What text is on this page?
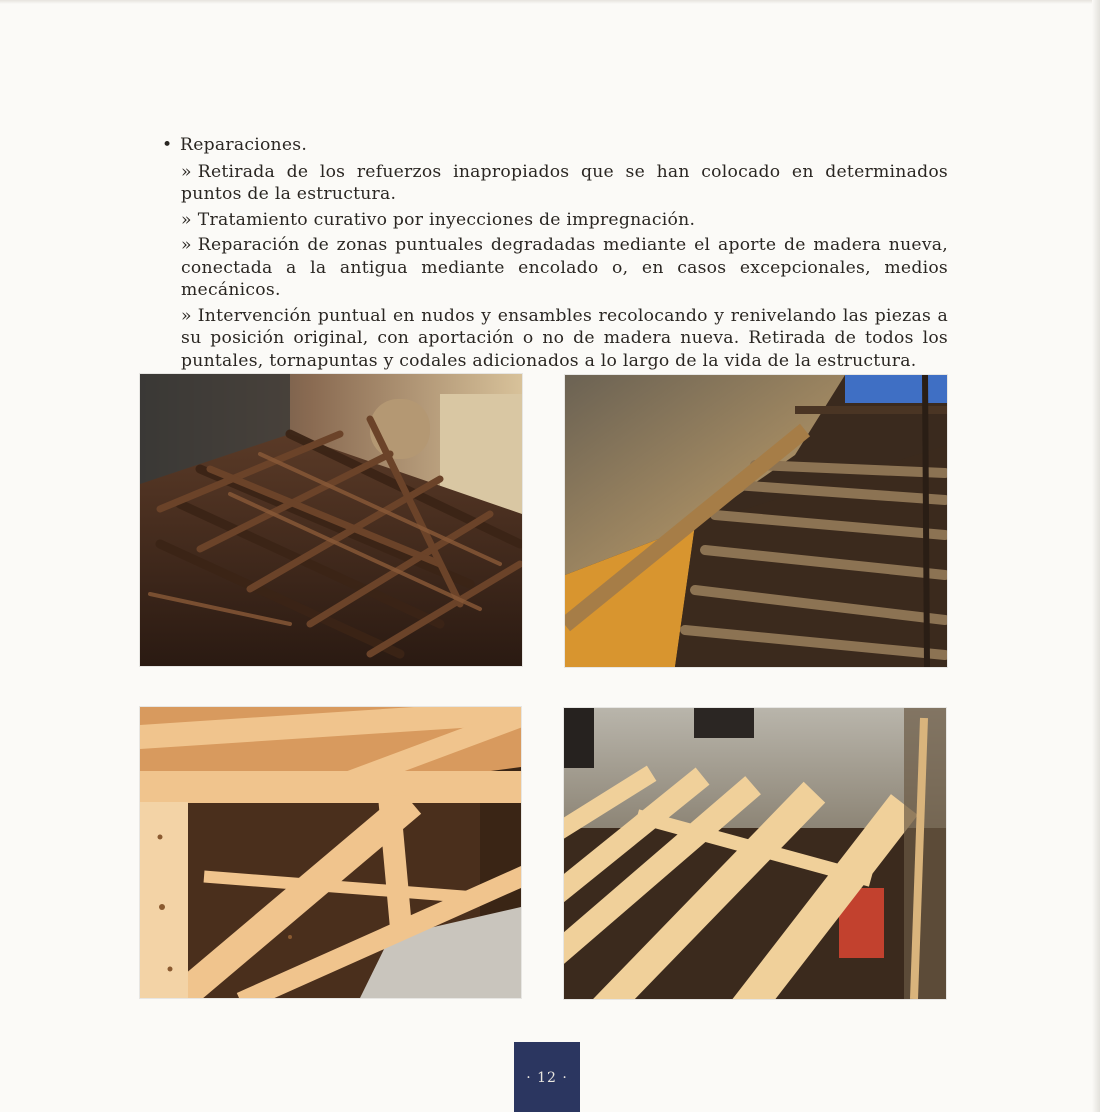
• Reparaciones.

» Retirada de los refuerzos inapropiados que se han colocado en determinados puntos de la estructura.

» Tratamiento curativo por inyecciones de impregnación.

» Reparación de zonas puntuales degradadas mediante el aporte de madera nueva, conectada a la antigua mediante encolado o, en casos excepcionales, medios mecánicos.

» Intervención puntual en nudos y ensambles recolocando y renivelando las piezas a su posición original, con aportación o no de madera nueva. Retirada de todos los puntales, tornapuntas y codales adicionados a lo largo de la vida de la estructura.

· 12 ·
